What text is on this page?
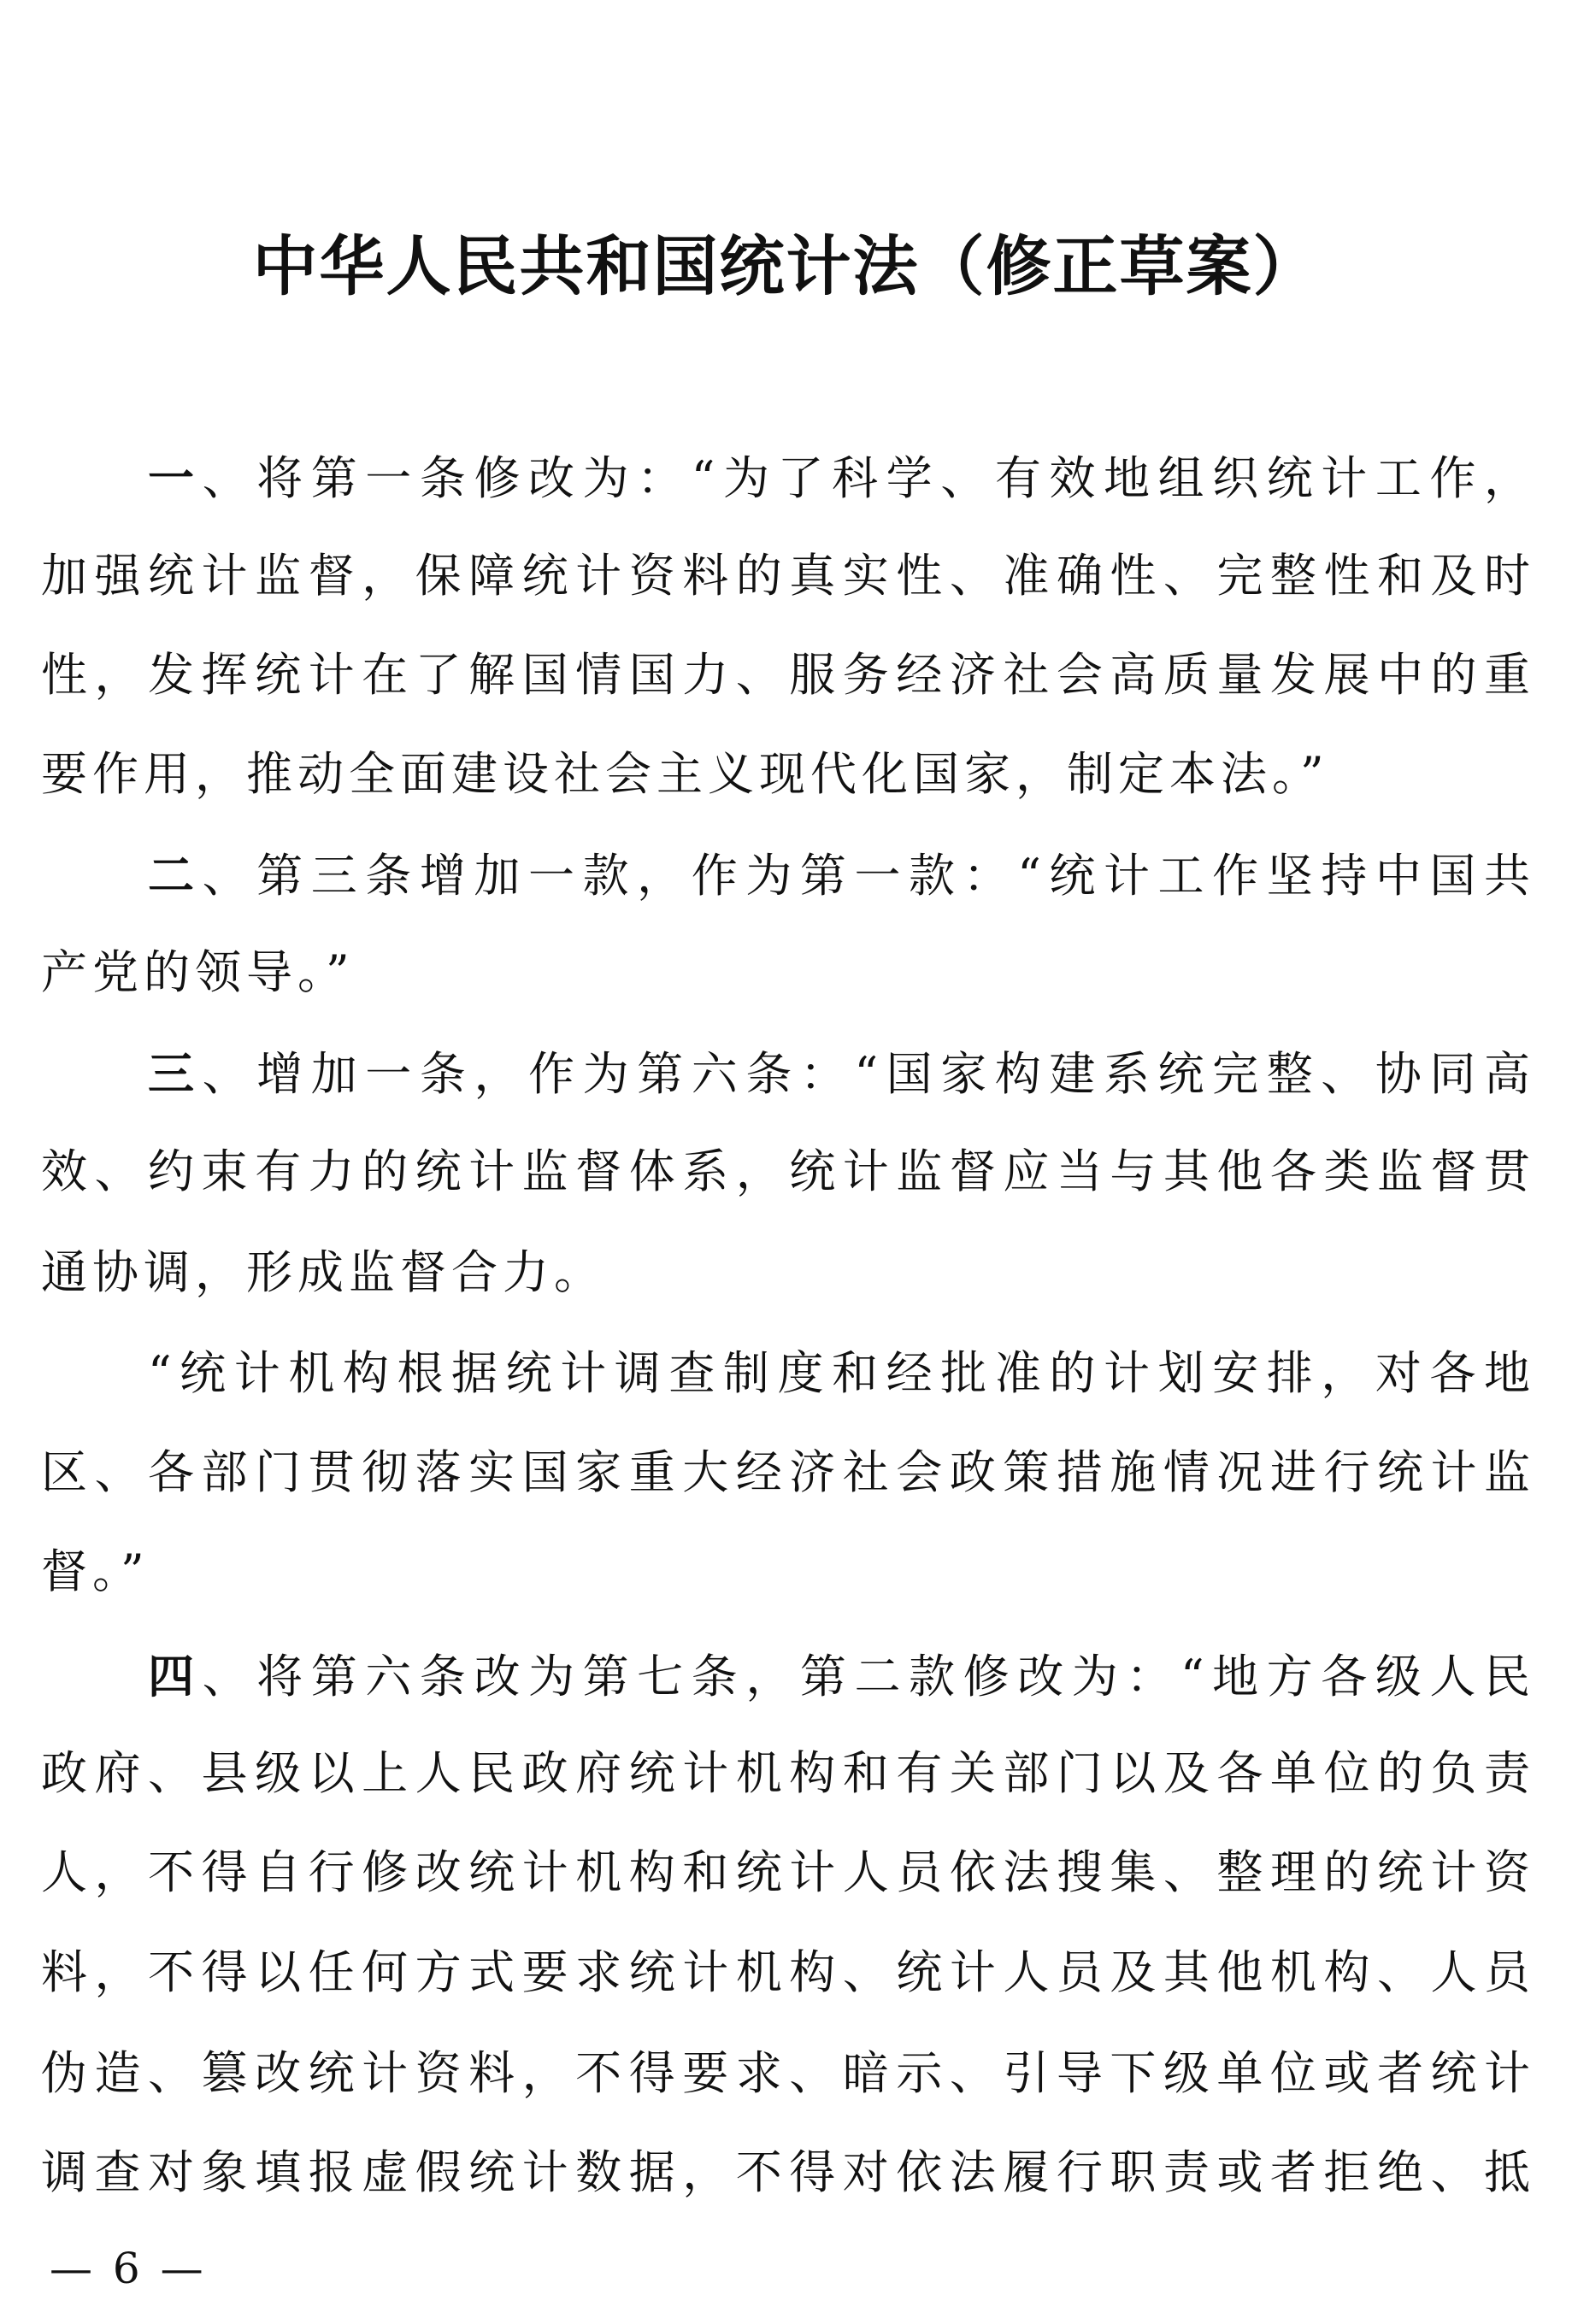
中华人民共和国统计法（修正草案）
一、将第一条修改为：“为了科学、有效地组织统计工作，
加强统计监督，保障统计资料的真实性、准确性、完整性和及时
性，发挥统计在了解国情国力、服务经济社会高质量发展中的重
要作用，推动全面建设社会主义现代化国家，制定本法。”
二、第三条增加一款，作为第一款：“统计工作坚持中国共
产党的领导。”
三、增加一条，作为第六条：“国家构建系统完整、协同高
效、约束有力的统计监督体系，统计监督应当与其他各类监督贯
通协调，形成监督合力。
“统计机构根据统计调查制度和经批准的计划安排，对各地
区、各部门贯彻落实国家重大经济社会政策措施情况进行统计监
督。”
四、将第六条改为第七条，第二款修改为：“地方各级人民
政府、县级以上人民政府统计机构和有关部门以及各单位的负责
人，不得自行修改统计机构和统计人员依法搜集、整理的统计资
料，不得以任何方式要求统计机构、统计人员及其他机构、人员
伪造、篡改统计资料，不得要求、暗示、引导下级单位或者统计
调查对象填报虚假统计数据，不得对依法履行职责或者拒绝、抵
— 6 —
